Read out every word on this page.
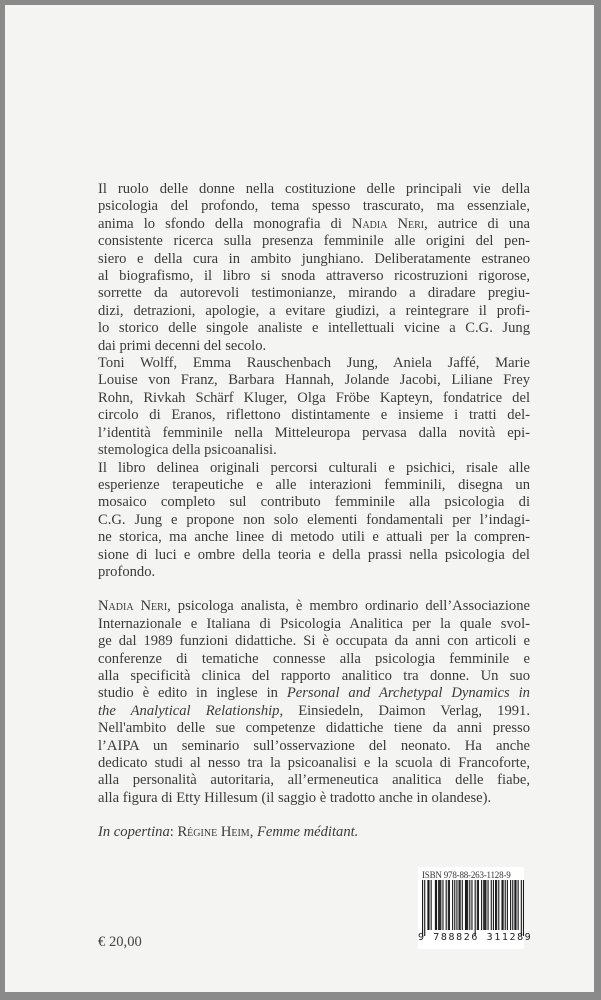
Il ruolo delle donne nella costituzione delle principali vie della
psicologia del profondo, tema spesso trascurato, ma essenziale,
anima lo sfondo della monografia di Nadia Neri, autrice di una
consistente ricerca sulla presenza femminile alle origini del pen-
siero e della cura in ambito junghiano. Deliberatamente estraneo
al biografismo, il libro si snoda attraverso ricostruzioni rigorose,
sorrette da autorevoli testimonianze, mirando a diradare pregiu-
dizi, detrazioni, apologie, a evitare giudizi, a reintegrare il profi-
lo storico delle singole analiste e intellettuali vicine a C.G. Jung
dai primi decenni del secolo.
Toni Wolff, Emma Rauschenbach Jung, Aniela Jaffé, Marie
Louise von Franz, Barbara Hannah, Jolande Jacobi, Liliane Frey
Rohn, Rivkah Schärf Kluger, Olga Fröbe Kapteyn, fondatrice del
circolo di Eranos, riflettono distintamente e insieme i tratti del-
l’identità femminile nella Mitteleuropa pervasa dalla novità epi-
stemologica della psicoanalisi.
Il libro delinea originali percorsi culturali e psichici, risale alle
esperienze terapeutiche e alle interazioni femminili, disegna un
mosaico completo sul contributo femminile alla psicologia di
C.G. Jung e propone non solo elementi fondamentali per l’indagi-
ne storica, ma anche linee di metodo utili e attuali per la compren-
sione di luci e ombre della teoria e della prassi nella psicologia del
profondo.
Nadia Neri, psicologa analista, è membro ordinario dell’Associazione
Internazionale e Italiana di Psicologia Analitica per la quale svol-
ge dal 1989 funzioni didattiche. Si è occupata da anni con articoli e
conferenze di tematiche connesse alla psicologia femminile e
alla specificità clinica del rapporto analitico tra donne. Un suo
studio è edito in inglese in Personal and Archetypal Dynamics in
the Analytical Relationship, Einsiedeln, Daimon Verlag, 1991.
Nell'ambito delle sue competenze didattiche tiene da anni presso
l’AIPA un seminario sull’osservazione del neonato. Ha anche
dedicato studi al nesso tra la psicoanalisi e la scuola di Francoforte,
alla personalità autoritaria, all’ermeneutica analitica delle fiabe,
alla figura di Etty Hillesum (il saggio è tradotto anche in olandese).
In copertina: Régine Heim, Femme méditant.
ISBN 978-88-263-1128-9
9 788826 311289
€ 20,00
